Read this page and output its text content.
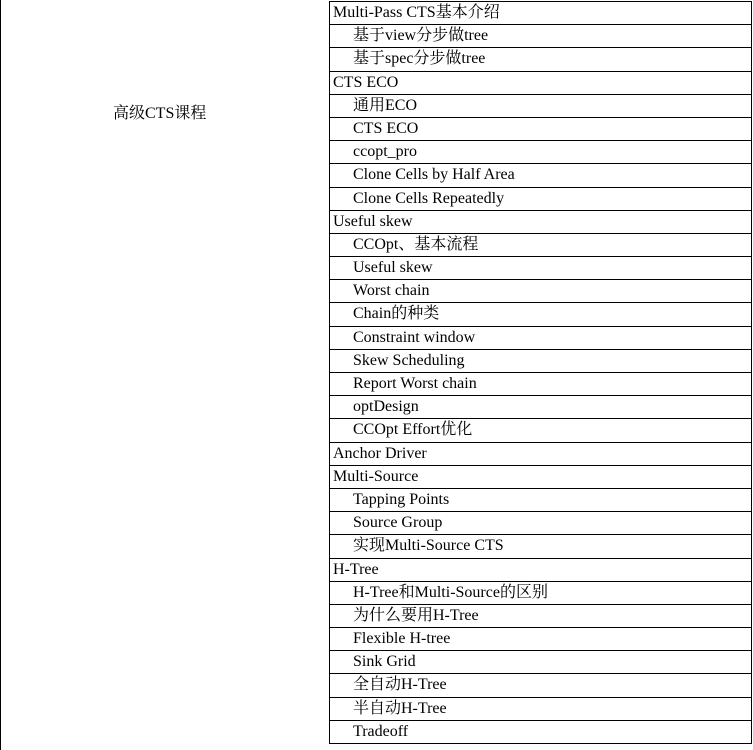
高级CTS课程
Multi-Pass CTS基本介绍
基于view分步做tree
基于spec分步做tree
CTS ECO
通用ECO
CTS ECO
ccopt_pro
Clone Cells by Half Area
Clone Cells Repeatedly
Useful skew
CCOpt、基本流程
Useful skew
Worst chain
Chain的种类
Constraint window
Skew Scheduling
Report Worst chain
optDesign
CCOpt Effort优化
Anchor Driver
Multi-Source
Tapping Points
Source Group
实现Multi-Source CTS
H-Tree
H-Tree和Multi-Source的区别
为什么要用H-Tree
Flexible H-tree
Sink Grid
全自动H-Tree
半自动H-Tree
Tradeoff
